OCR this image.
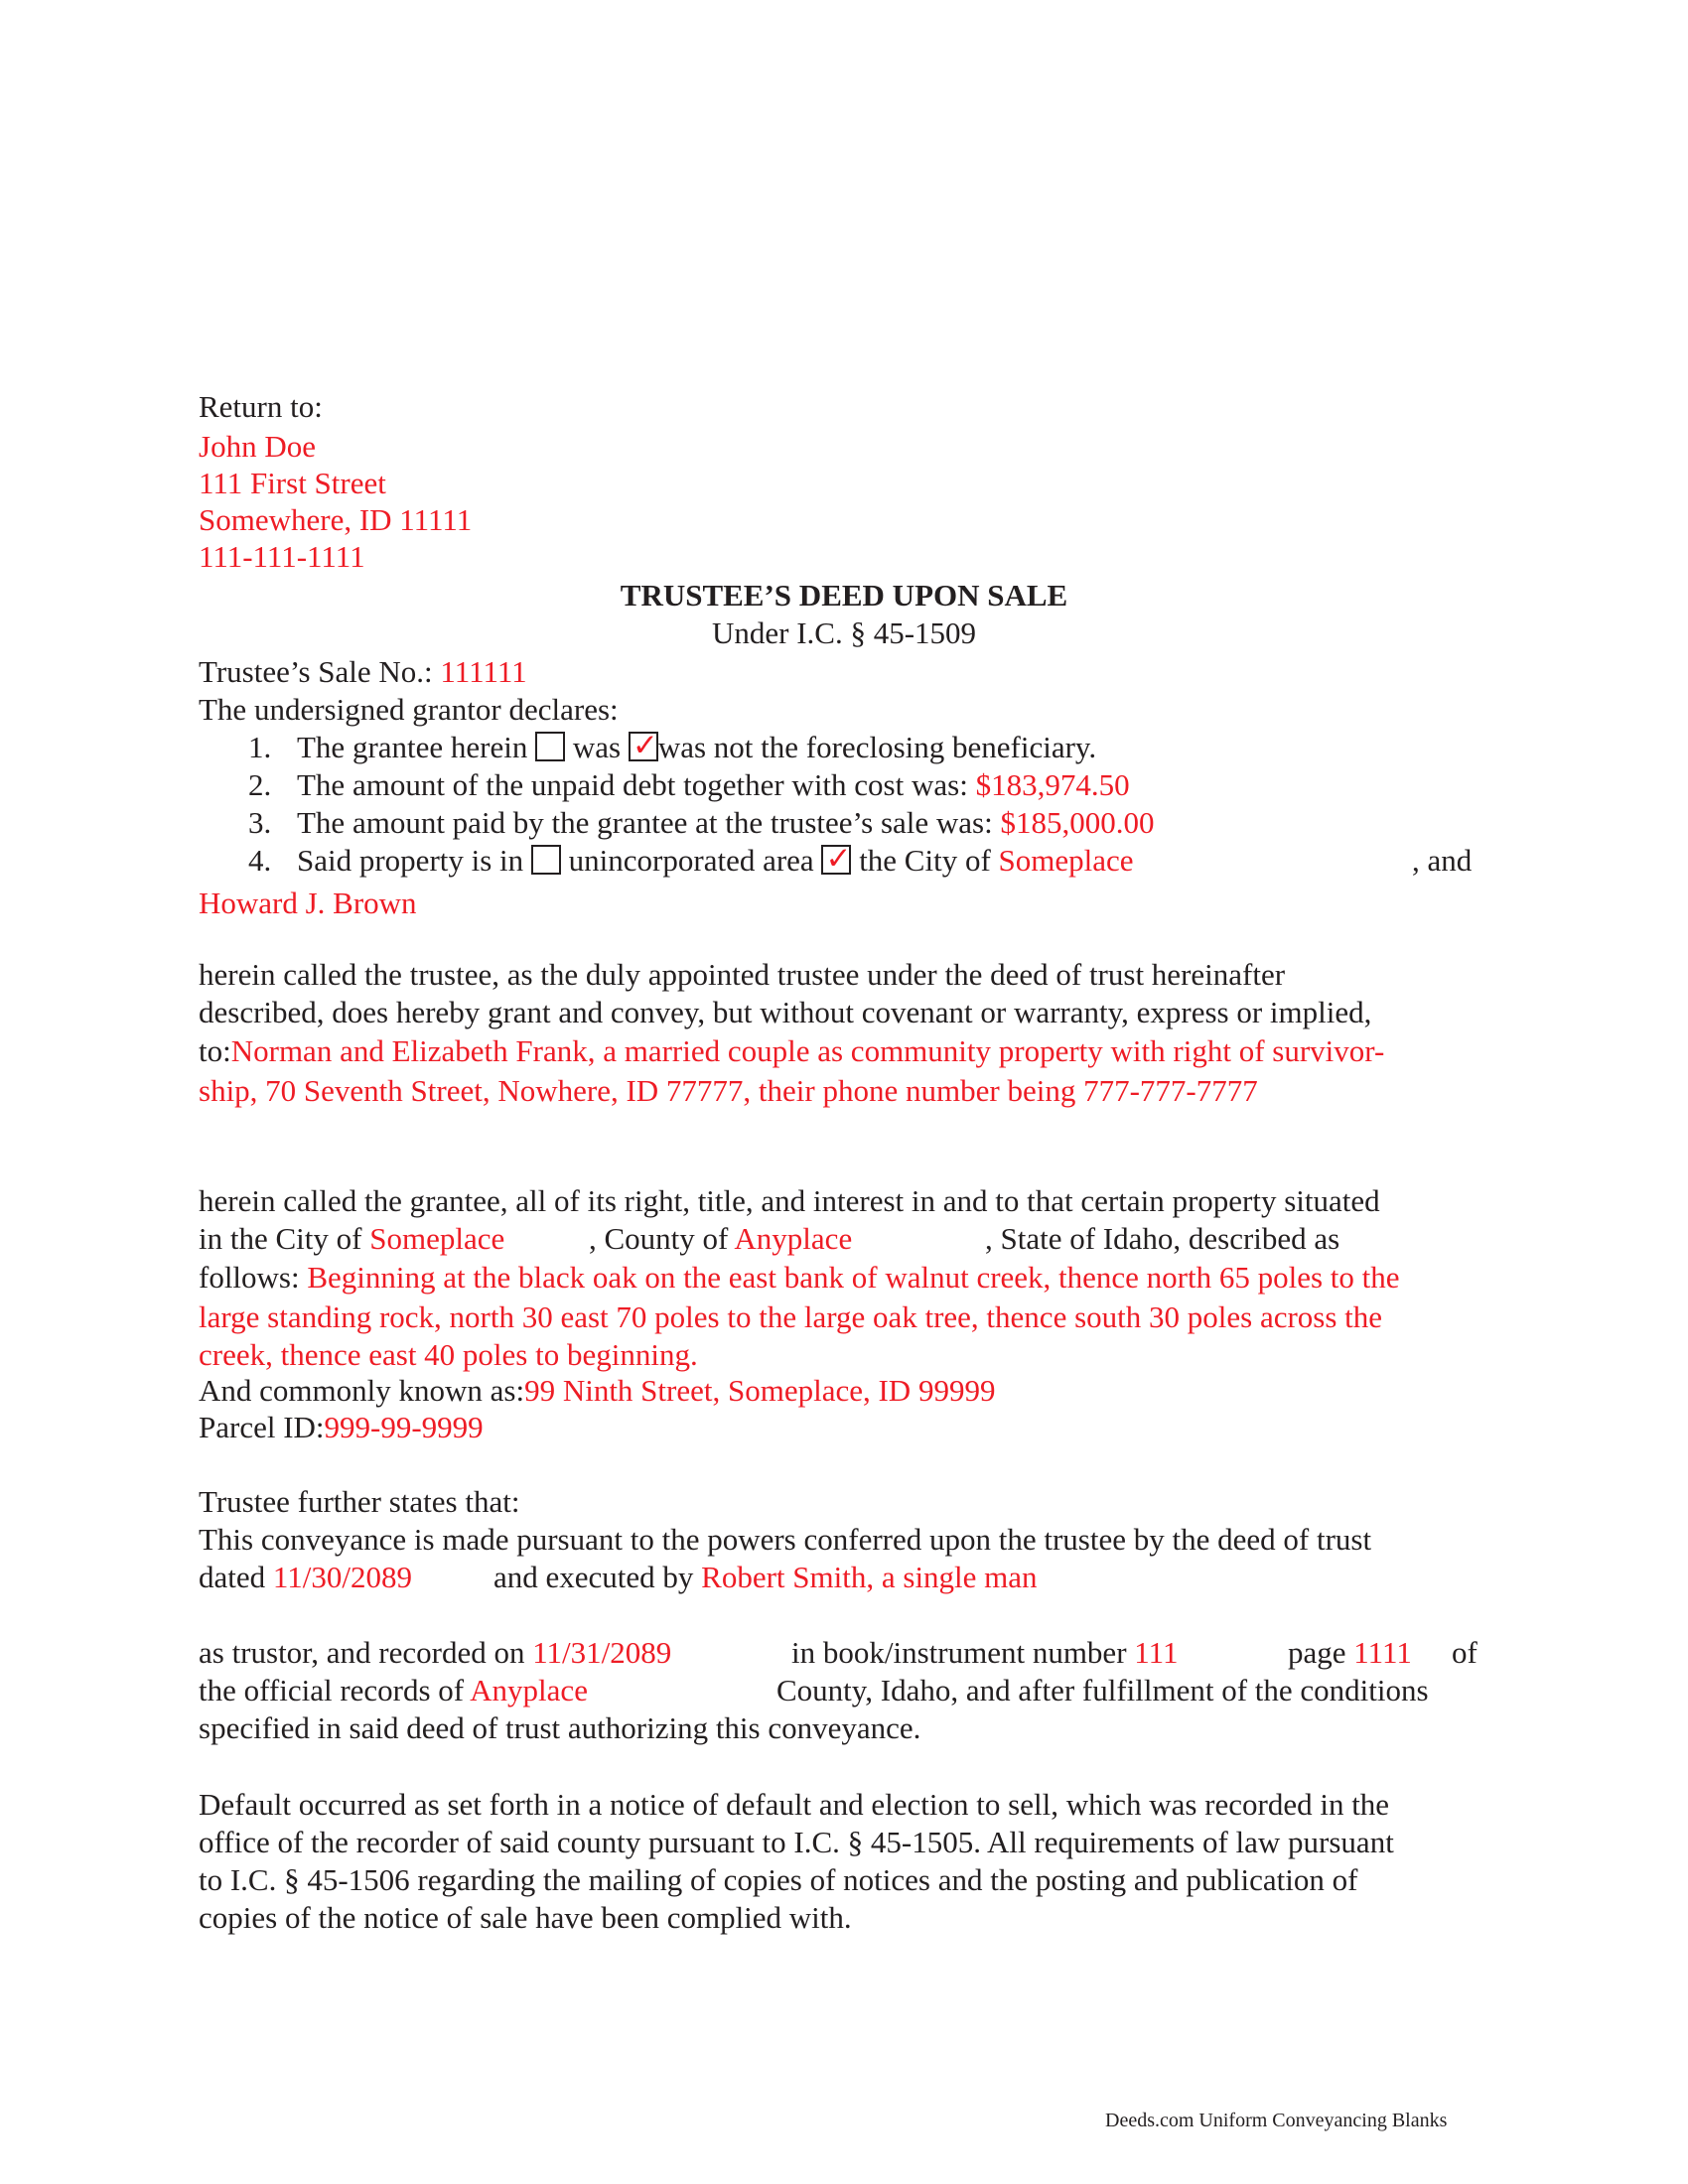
Return to:
John Doe
111 First Street
Somewhere, ID 11111
111-111-1111
TRUSTEE’S DEED UPON SALE
Under I.C. § 45-1509
Trustee’s Sale No.: 111111
The undersigned grantor declares:
1. The grantee herein was ✓ was not the foreclosing beneficiary.
2. The amount of the unpaid debt together with cost was: $183,974.50
3. The amount paid by the grantee at the trustee’s sale was: $185,000.00
4. Said property is in unincorporated area ✓ the City of Someplace	, and
Howard J. Brown
herein called the trustee, as the duly appointed trustee under the deed of trust hereinafter
described, does hereby grant and convey, but without covenant or warranty, express or implied,
to:Norman and Elizabeth Frank, a married couple as community property with right of survivor-
ship, 70 Seventh Street, Nowhere, ID 77777, their phone number being 777-777-7777
herein called the grantee, all of its right, title, and interest in and to that certain property situated
in the City of Someplace	, County of Anyplace	, State of Idaho, described as
follows: Beginning at the black oak on the east bank of walnut creek, thence north 65 poles to the
large standing rock, north 30 east 70 poles to the large oak tree, thence south 30 poles across the
creek, thence east 40 poles to beginning.
And commonly known as:99 Ninth Street, Someplace, ID 99999
Parcel ID:999-99-9999
Trustee further states that:
This conveyance is made pursuant to the powers conferred upon the trustee by the deed of trust
dated 11/30/2089	and executed by Robert Smith, a single man
as trustor, and recorded on 11/31/2089	in book/instrument number 111	page 1111 of
the official records of Anyplace	County, Idaho, and after fulfillment of the conditions
specified in said deed of trust authorizing this conveyance.
Default occurred as set forth in a notice of default and election to sell, which was recorded in the
office of the recorder of said county pursuant to I.C. § 45-1505. All requirements of law pursuant
to I.C. § 45-1506 regarding the mailing of copies of notices and the posting and publication of
copies of the notice of sale have been complied with.
Deeds.com Uniform Conveyancing Blanks
